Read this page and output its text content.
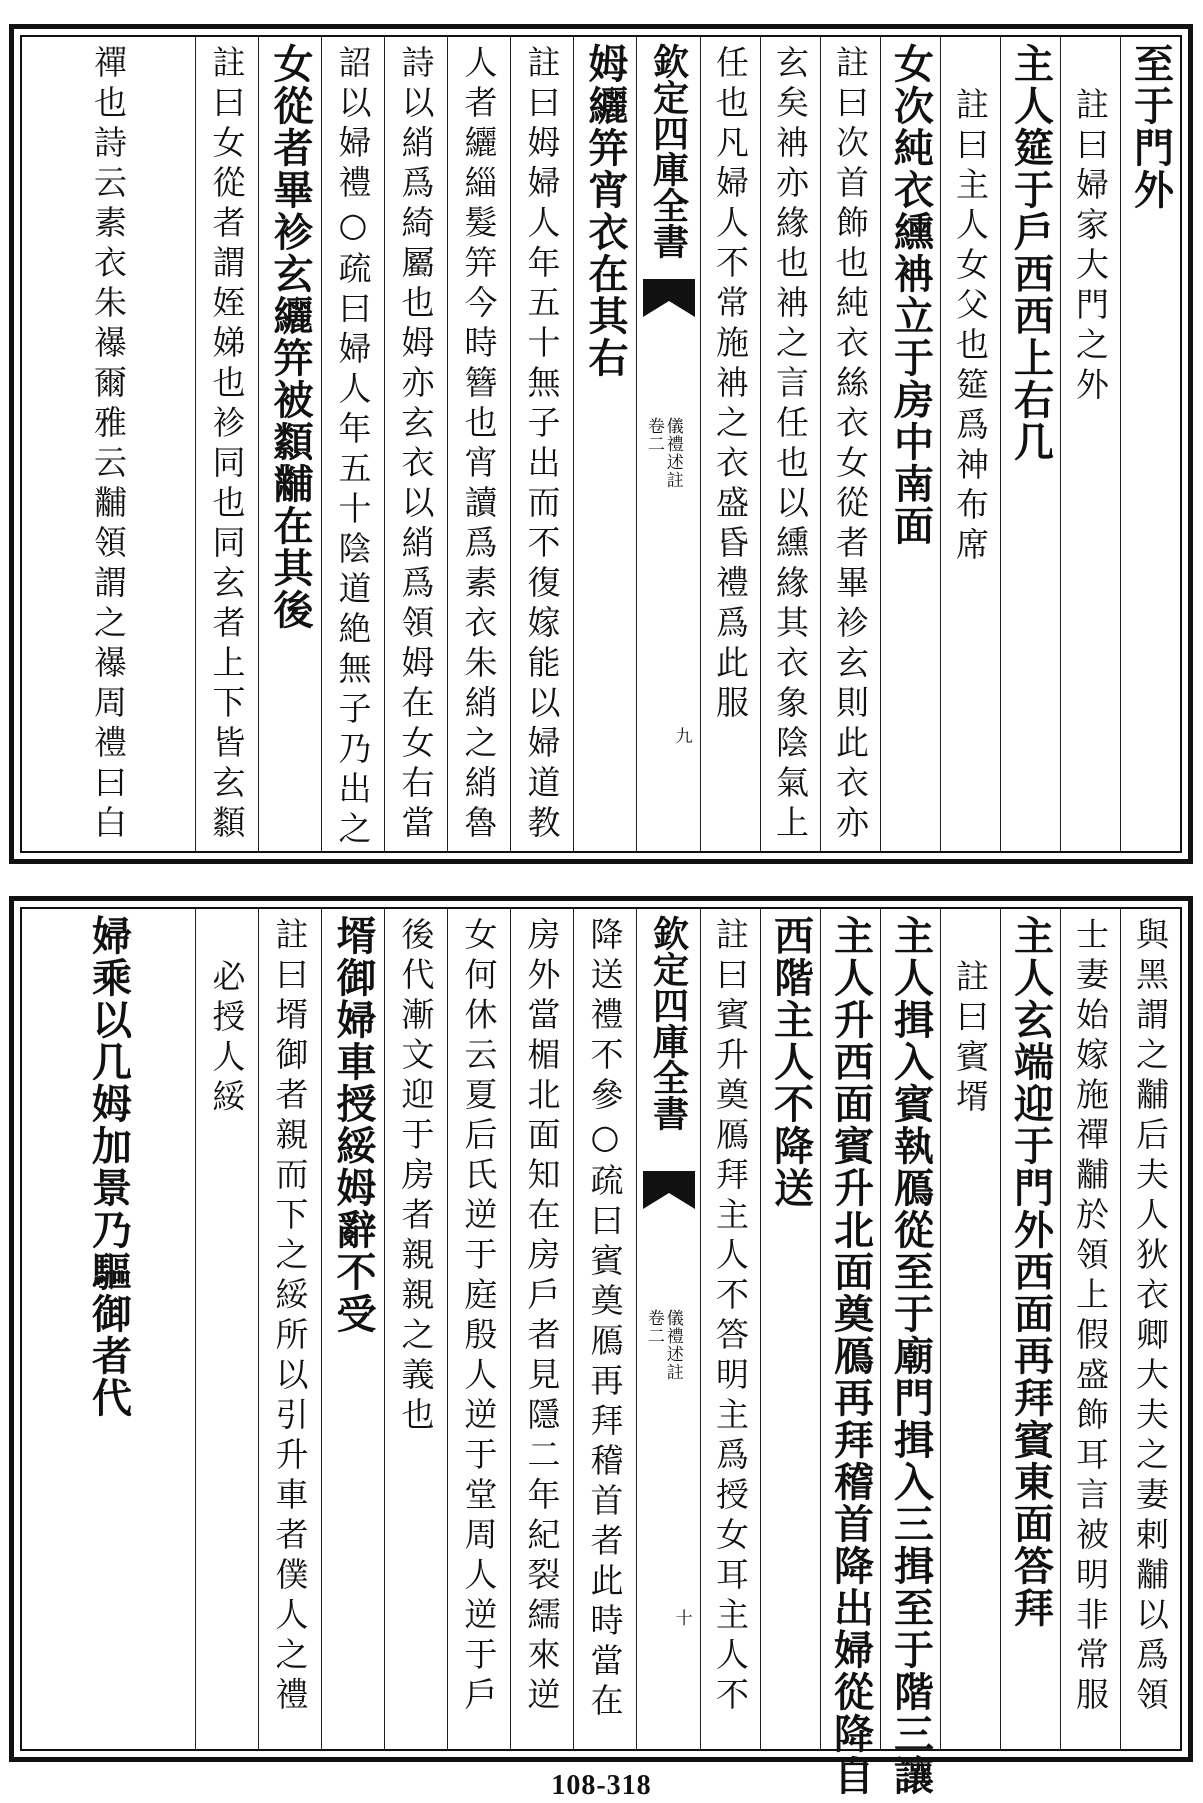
至于門外
註曰婦家大門之外
主人筵于戶西西上右几
註曰主人女父也筵爲神布席
女次純衣纁袡立于房中南面
註曰次首飾也純衣絲衣女從者畢袗玄則此衣亦
玄矣袡亦緣也袡之言任也以纁緣其衣象陰氣上
任也凡婦人不常施袡之衣盛昏禮爲此服
欽定四庫全書
儀禮述註
卷二
九
姆纚笄宵衣在其右
註曰姆婦人年五十無子出而不復嫁能以婦道教
人者纚緇髮笄今時簪也宵讀爲素衣朱綃之綃魯
詩以綃爲綺屬也姆亦玄衣以綃爲領姆在女右當
詔以婦禮○疏曰婦人年五十陰道絶無子乃出之
女從者畢袗玄纚笄被纇黼在其後
註曰女從者謂姪娣也袗同也同玄者上下皆玄纇
禪也詩云素衣朱襮爾雅云黼領謂之襮周禮曰白
與黑謂之黼后夫人狄衣卿大夫之妻剌黼以爲領
士妻始嫁施禪黼於領上假盛飾耳言被明非常服
主人玄端迎于門外西面再拜賓東面答拜
註曰賓壻
主人揖入賓執鴈從至于廟門揖入三揖至于階三讓
主人升西面賓升北面奠鴈再拜稽首降出婦從降自
西階主人不降送
註曰賓升奠鴈拜主人不答明主爲授女耳主人不
欽定四庫全書
儀禮述註
卷二
十
降送禮不參○疏曰賓奠鴈再拜稽首者此時當在
房外當楣北面知在房戶者見隱二年紀裂繻來逆
女何休云夏后氏逆于庭殷人逆于堂周人逆于戶
後代漸文迎于房者親親之義也
壻御婦車授綏姆辭不受
註曰壻御者親而下之綏所以引升車者僕人之禮
必授人綏
婦乘以几姆加景乃驅御者代
108-318
